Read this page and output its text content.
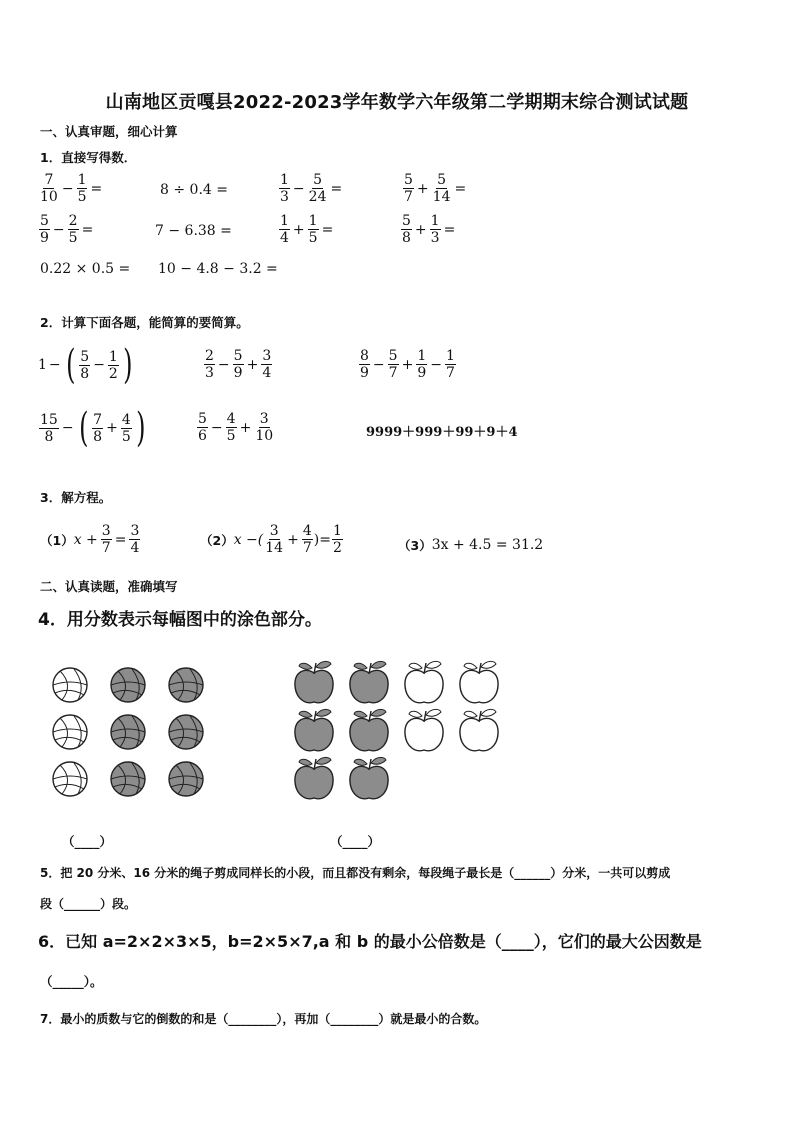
山南地区贡嘎县2022-2023学年数学六年级第二学期期末综合测试试题
一、认真审题，细心计算
1．直接写得数．
$\frac{7}{10} - \frac{1}{5}$ =	8 ÷ 0.4 =	$\frac{1}{3} - \frac{5}{24}$ =	$\frac{5}{7} + \frac{5}{14}$ =
$\frac{5}{9} - \frac{2}{5}$ =	7 − 6.38 =	$\frac{1}{4} + \frac{1}{5}$ =	$\frac{5}{8} + \frac{1}{3}$ =
0.22 × 0.5 = 10 − 4.8 − 3.2 =
2．计算下面各题，能简算的要简算。
1 − ( $\frac{5}{8} - \frac{1}{2}$ )	$\frac{2}{3} - \frac{5}{9} + \frac{3}{4}$	$\frac{8}{9} - \frac{5}{7} + \frac{1}{9} - \frac{1}{7}$
$\frac{15}{8}$ − ( $\frac{7}{8} + \frac{4}{5}$ )	$\frac{5}{6} - \frac{4}{5} + \frac{3}{10}$	9999＋999＋99＋9＋4
3．解方程。
（1） $x + \frac{3}{7} = \frac{3}{4}$	（2） x −( $\frac{3}{14} + \frac{4}{7}$ )= $\frac{1}{2}$	（3） 3x + 4.5 = 31.2
二、认真读题，准确填写
4．用分数表示每幅图中的涂色部分。
（____）	（____）
5．把 20 分米、16 分米的绳子剪成同样长的小段，而且都没有剩余，每段绳子最长是（______）分米，一共可以剪成
段（______）段。
6．已知 a=2×2×3×5，b=2×5×7,a 和 b 的最小公倍数是（____），它们的最大公因数是
（_____）。
7．最小的质数与它的倒数的和是（________），再加（________）就是最小的合数。
